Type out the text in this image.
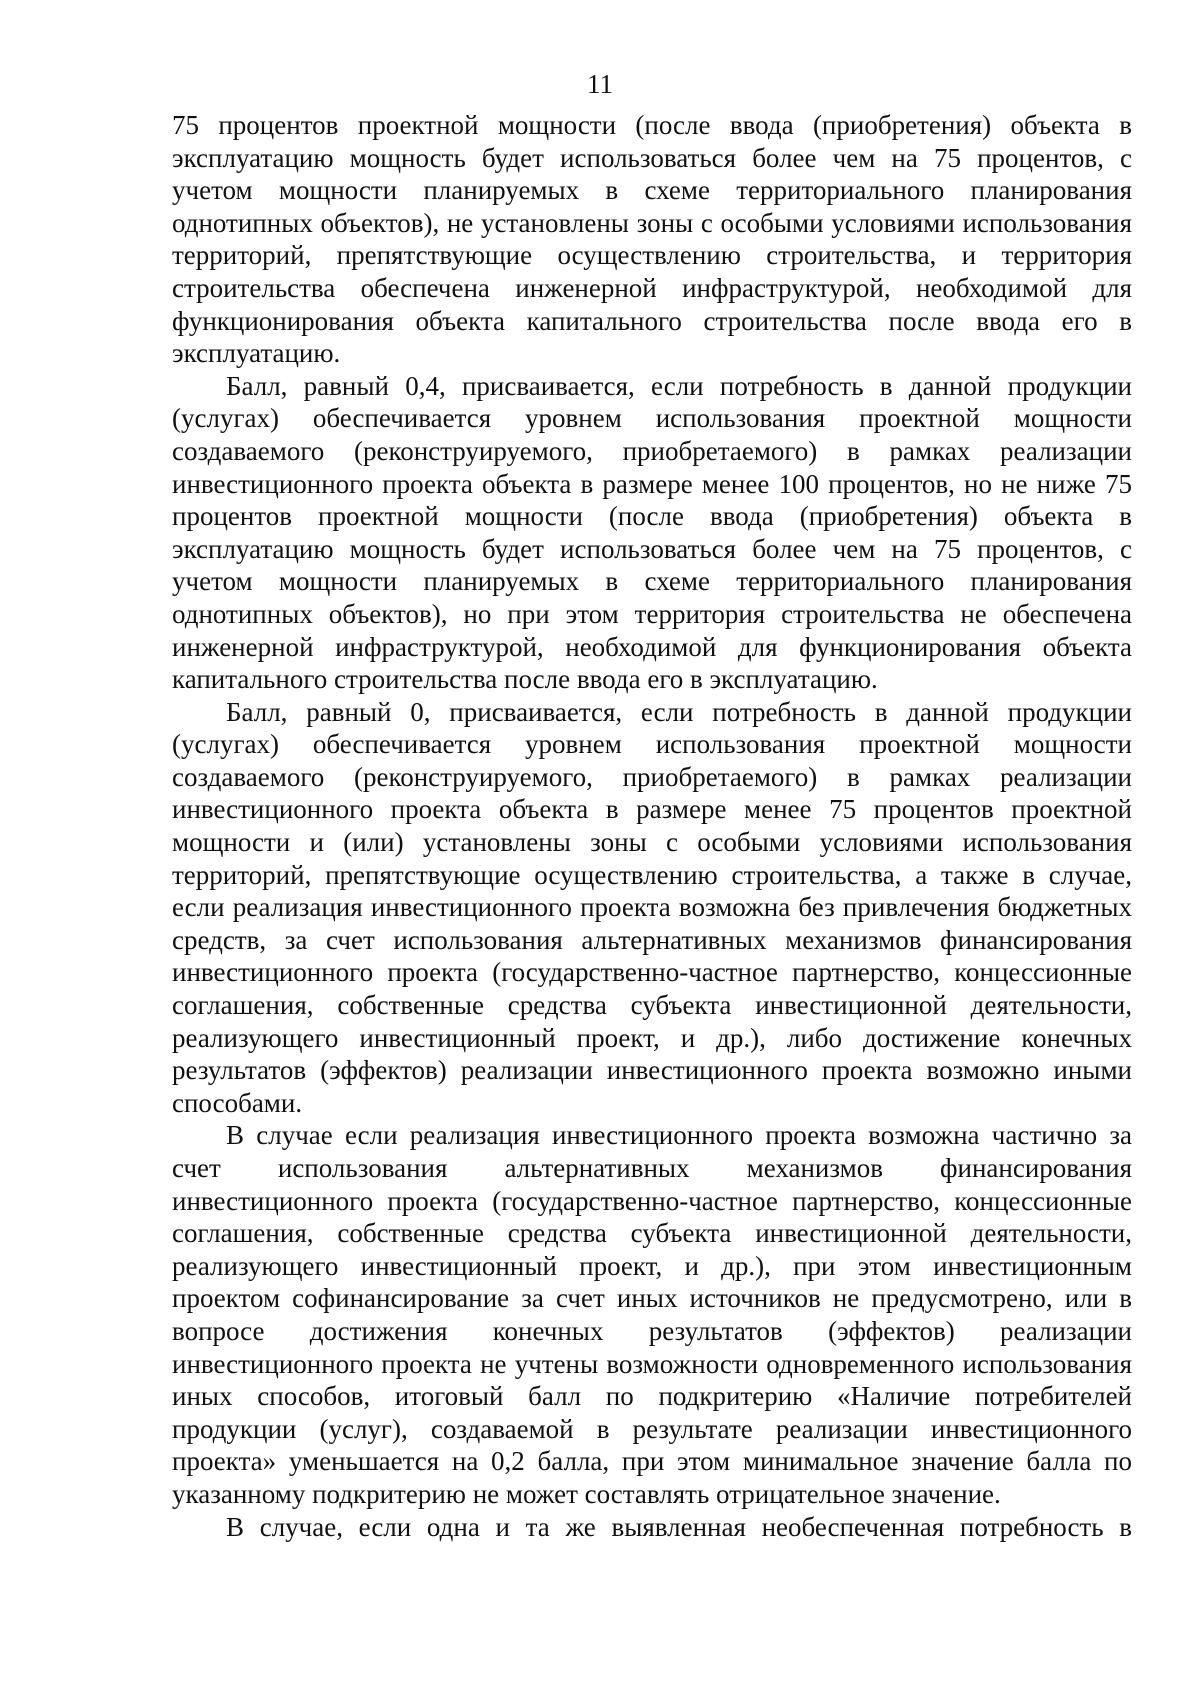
11

75 процентов проектной мощности (после ввода (приобретения) объекта в эксплуатацию мощность будет использоваться более чем на 75 процентов, с учетом мощности планируемых в схеме территориального планирования однотипных объектов), не установлены зоны с особыми условиями использования территорий, препятствующие осуществлению строительства, и территория строительства обеспечена инженерной инфраструктурой, необходимой для функционирования объекта капитального строительства после ввода его в эксплуатацию.

Балл, равный 0,4, присваивается, если потребность в данной продукции (услугах) обеспечивается уровнем использования проектной мощности создаваемого (реконструируемого, приобретаемого) в рамках реализации инвестиционного проекта объекта в размере менее 100 процентов, но не ниже 75 процентов проектной мощности (после ввода (приобретения) объекта в эксплуатацию мощность будет использоваться более чем на 75 процентов, с учетом мощности планируемых в схеме территориального планирования однотипных объектов), но при этом территория строительства не обеспечена инженерной инфраструктурой, необходимой для функционирования объекта капитального строительства после ввода его в эксплуатацию.

Балл, равный 0, присваивается, если потребность в данной продукции (услугах) обеспечивается уровнем использования проектной мощности создаваемого (реконструируемого, приобретаемого) в рамках реализации инвестиционного проекта объекта в размере менее 75 процентов проектной мощности и (или) установлены зоны с особыми условиями использования территорий, препятствующие осуществлению строительства, а также в случае, если реализация инвестиционного проекта возможна без привлечения бюджетных средств, за счет использования альтернативных механизмов финансирования инвестиционного проекта (государственно-частное партнерство, концессионные соглашения, собственные средства субъекта инвестиционной деятельности, реализующего инвестиционный проект, и др.), либо достижение конечных результатов (эффектов) реализации инвестиционного проекта возможно иными способами.

В случае если реализация инвестиционного проекта возможна частично за счет использования альтернативных механизмов финансирования инвестиционного проекта (государственно-частное партнерство, концессионные соглашения, собственные средства субъекта инвестиционной деятельности, реализующего инвестиционный проект, и др.), при этом инвестиционным проектом софинансирование за счет иных источников не предусмотрено, или в вопросе достижения конечных результатов (эффектов) реализации инвестиционного проекта не учтены возможности одновременного использования иных способов, итоговый балл по подкритерию «Наличие потребителей продукции (услуг), создаваемой в результате реализации инвестиционного проекта» уменьшается на 0,2 балла, при этом минимальное значение балла по указанному подкритерию не может составлять отрицательное значение.

В случае, если одна и та же выявленная необеспеченная потребность в
